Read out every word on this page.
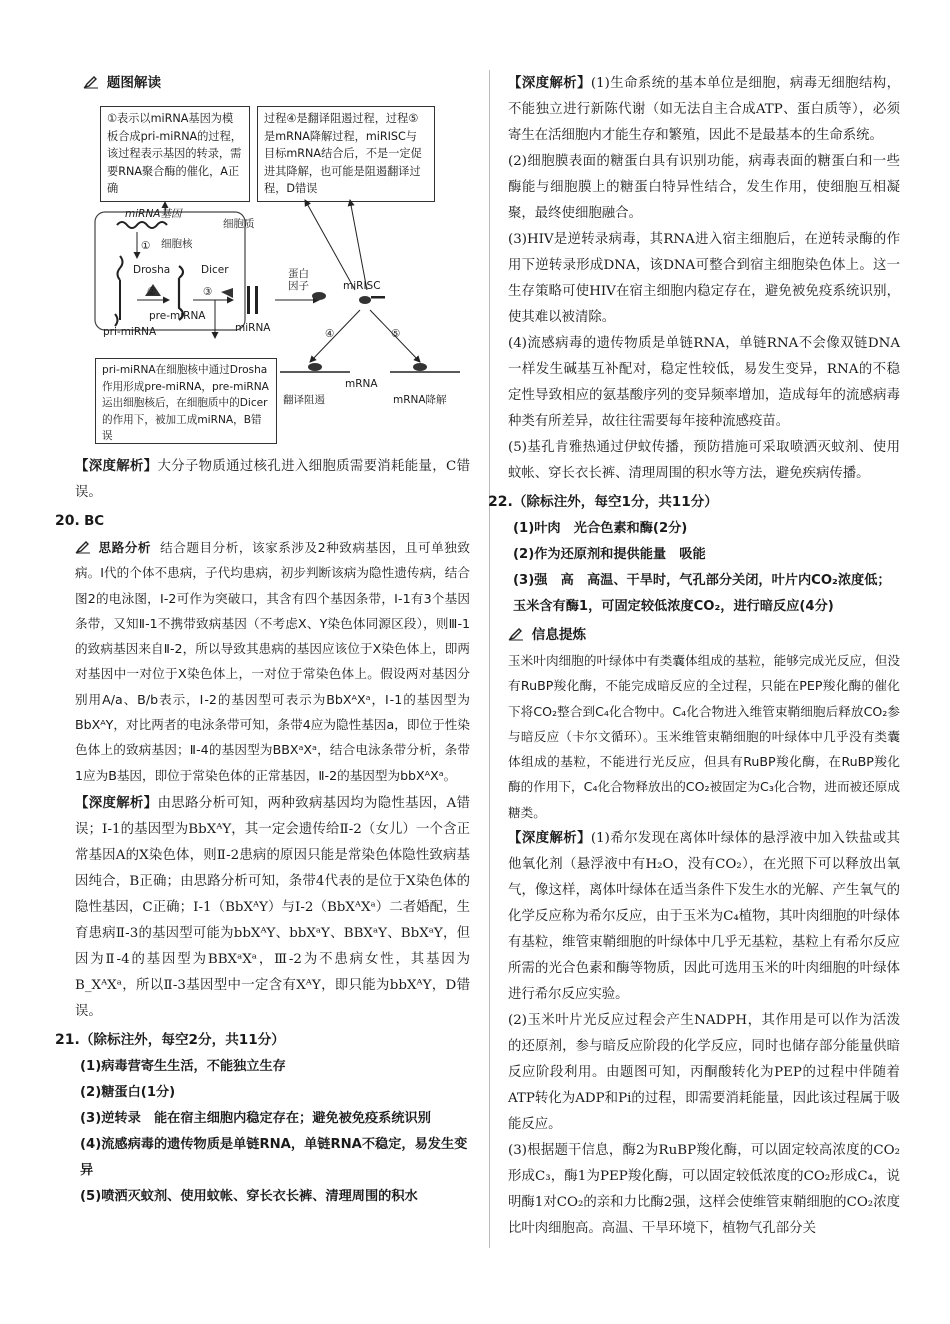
题图解读
①表示以miRNA基因为模板合成pri-miRNA的过程，该过程表示基因的转录，需要RNA聚合酶的催化，A正确
过程④是翻译阻遏过程，过程⑤是mRNA降解过程，miRISC与目标mRNA结合后，不是一定促进其降解，也可能是阻遏翻译过程，D错误
miRNA基因
细胞核
细胞质
Drosha	Dicer
pre-miRNA
pri-miRNA	miRNA
蛋白
因子	miRISC
mRNA
翻译阻遏	mRNA降解
①
②	③
④	⑤
pri-miRNA在细胞核中通过Drosha作用形成pre-miRNA，pre-miRNA运出细胞核后，在细胞质中的Dicer的作用下，被加工成miRNA，B错误

【深度解析】大分子物质通过核孔进入细胞质需要消耗能量，C错误。

20. BC

思路分析 结合题目分析，该家系涉及2种致病基因，且可单独致病。Ⅰ代的个体不患病，子代均患病，初步判断该病为隐性遗传病，结合图2的电泳图，Ⅰ-2可作为突破口，其含有四个基因条带，Ⅰ-1有3个基因条带，又知Ⅱ-1不携带致病基因（不考虑X、Y染色体同源区段），则Ⅲ-1的致病基因来自Ⅱ-2，所以导致其患病的基因应该位于X染色体上，即两对基因中一对位于X染色体上，一对位于常染色体上。假设两对基因分别用A/a、B/b表示，Ⅰ-2的基因型可表示为BbXᴬXᵃ，Ⅰ-1的基因型为BbXᴬY，对比两者的电泳条带可知，条带4应为隐性基因a，即位于性染色体上的致病基因；Ⅱ-4的基因型为BBXᵃXᵃ，结合电泳条带分析，条带1应为B基因，即位于常染色体的正常基因，Ⅱ-2的基因型为bbXᴬXᵃ。

【深度解析】由思路分析可知，两种致病基因均为隐性基因，A错误；Ⅰ-1的基因型为BbXᴬY，其一定会遗传给Ⅱ-2（女儿）一个含正常基因A的X染色体，则Ⅱ-2患病的原因只能是常染色体隐性致病基因纯合，B正确；由思路分析可知，条带4代表的是位于X染色体的隐性基因，C正确；Ⅰ-1（BbXᴬY）与Ⅰ-2（BbXᴬXᵃ）二者婚配，生育患病Ⅱ-3的基因型可能为bbXᴬY、bbXᵃY、BBXᵃY、BbXᵃY，但因为Ⅱ-4的基因型为BBXᵃXᵃ，Ⅲ-2为不患病女性，其基因为B_XᴬXᵃ，所以Ⅱ-3基因型中一定含有XᴬY，即只能为bbXᴬY，D错误。

21.（除标注外，每空2分，共11分）

(1)病毒营寄生生活，不能独立生存

(2)糖蛋白(1分)

(3)逆转录　能在宿主细胞内稳定存在；避免被免疫系统识别

(4)流感病毒的遗传物质是单链RNA，单链RNA不稳定，易发生变异

(5)喷洒灭蚊剂、使用蚊帐、穿长衣长裤、清理周围的积水

【深度解析】(1)生命系统的基本单位是细胞，病毒无细胞结构，不能独立进行新陈代谢（如无法自主合成ATP、蛋白质等），必须寄生在活细胞内才能生存和繁殖，因此不是最基本的生命系统。

(2)细胞膜表面的糖蛋白具有识别功能，病毒表面的糖蛋白和一些酶能与细胞膜上的糖蛋白特异性结合，发生作用，使细胞互相凝聚，最终使细胞融合。

(3)HIV是逆转录病毒，其RNA进入宿主细胞后，在逆转录酶的作用下逆转录形成DNA，该DNA可整合到宿主细胞染色体上。这一生存策略可使HIV在宿主细胞内稳定存在，避免被免疫系统识别，使其难以被清除。

(4)流感病毒的遗传物质是单链RNA，单链RNA不会像双链DNA一样发生碱基互补配对，稳定性较低，易发生变异，RNA的不稳定性导致相应的氨基酸序列的变异频率增加，造成每年的流感病毒种类有所差异，故往往需要每年接种流感疫苗。

(5)基孔肯雅热通过伊蚊传播，预防措施可采取喷洒灭蚊剂、使用蚊帐、穿长衣长裤、清理周围的积水等方法，避免疾病传播。

22.（除标注外，每空1分，共11分）

(1)叶肉　光合色素和酶(2分)

(2)作为还原剂和提供能量　吸能

(3)强　高　高温、干旱时，气孔部分关闭，叶片内CO₂浓度低；玉米含有酶1，可固定较低浓度CO₂，进行暗反应(4分)

信息提炼

玉米叶肉细胞的叶绿体中有类囊体组成的基粒，能够完成光反应，但没有RuBP羧化酶，不能完成暗反应的全过程，只能在PEP羧化酶的催化下将CO₂整合到C₄化合物中。C₄化合物进入维管束鞘细胞后释放CO₂参与暗反应（卡尔文循环）。玉米维管束鞘细胞的叶绿体中几乎没有类囊体组成的基粒，不能进行光反应，但具有RuBP羧化酶，在RuBP羧化酶的作用下，C₄化合物释放出的CO₂被固定为C₃化合物，进而被还原成糖类。

【深度解析】(1)希尔发现在离体叶绿体的悬浮液中加入铁盐或其他氧化剂（悬浮液中有H₂O，没有CO₂），在光照下可以释放出氧气，像这样，离体叶绿体在适当条件下发生水的光解、产生氧气的化学反应称为希尔反应，由于玉米为C₄植物，其叶肉细胞的叶绿体有基粒，维管束鞘细胞的叶绿体中几乎无基粒，基粒上有希尔反应所需的光合色素和酶等物质，因此可选用玉米的叶肉细胞的叶绿体进行希尔反应实验。

(2)玉米叶片光反应过程会产生NADPH，其作用是可以作为活泼的还原剂，参与暗反应阶段的化学反应，同时也储存部分能量供暗反应阶段利用。由题图可知，丙酮酸转化为PEP的过程中伴随着ATP转化为ADP和Pi的过程，即需要消耗能量，因此该过程属于吸能反应。

(3)根据题干信息，酶2为RuBP羧化酶，可以固定较高浓度的CO₂形成C₃，酶1为PEP羧化酶，可以固定较低浓度的CO₂形成C₄，说明酶1对CO₂的亲和力比酶2强，这样会使维管束鞘细胞的CO₂浓度比叶肉细胞高。高温、干旱环境下，植物气孔部分关
